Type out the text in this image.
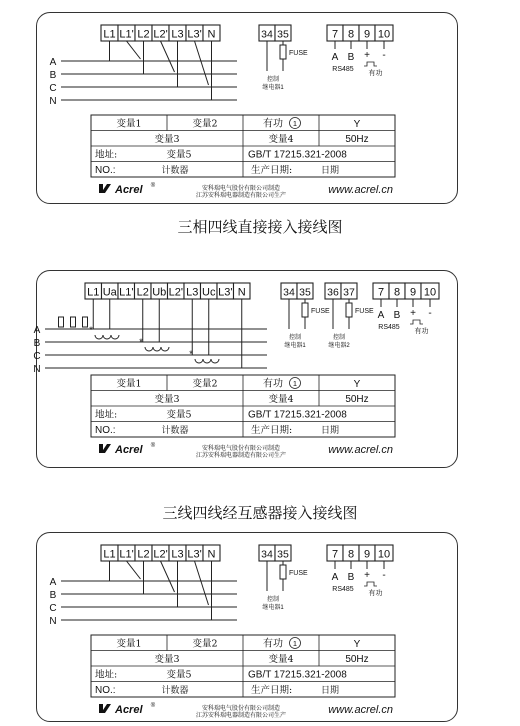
L1 L1' L2 L2' L3 L3' N
A
B
C
N
34 35
FUSE
控制
继电器1
7 8 9 10
A B + -
RS485
有功
变量1	变量2	有功 1	Y
变量3	变量4	50Hz
地址:	变量5	GB/T 17215.321-2008
NO.:	计数器	生产日期:	日期
Acrel ®	安科瑞电气股份有限公司制造
江苏安科瑞电器制造有限公司生产	www.acrel.cn
三相四线直接接入接线图
L1 Ua L1' L2 Ub L2' L3 Uc L3' N
A
B
C
N
*
*
*
34 35
FUSE
控制
继电器1
36 37
FUSE
控制
继电器2
7 8 9 10
A B + -
RS485
有功
变量1	变量2	有功 1	Y
变量3	变量4	50Hz
地址:	变量5	GB/T 17215.321-2008
NO.:	计数器	生产日期:	日期
Acrel ®	安科瑞电气股份有限公司制造
江苏安科瑞电器制造有限公司生产	www.acrel.cn
三线四线经互感器接入接线图
L1 L1' L2 L2' L3 L3' N
A
B
C
N
34 35
FUSE
控制
继电器1
7 8 9 10
A B + -
RS485
有功
变量1	变量2	有功 1	Y
变量3	变量4	50Hz
地址:	变量5	GB/T 17215.321-2008
NO.:	计数器	生产日期:	日期
Acrel ®	安科瑞电气股份有限公司制造
江苏安科瑞电器制造有限公司生产	www.acrel.cn
